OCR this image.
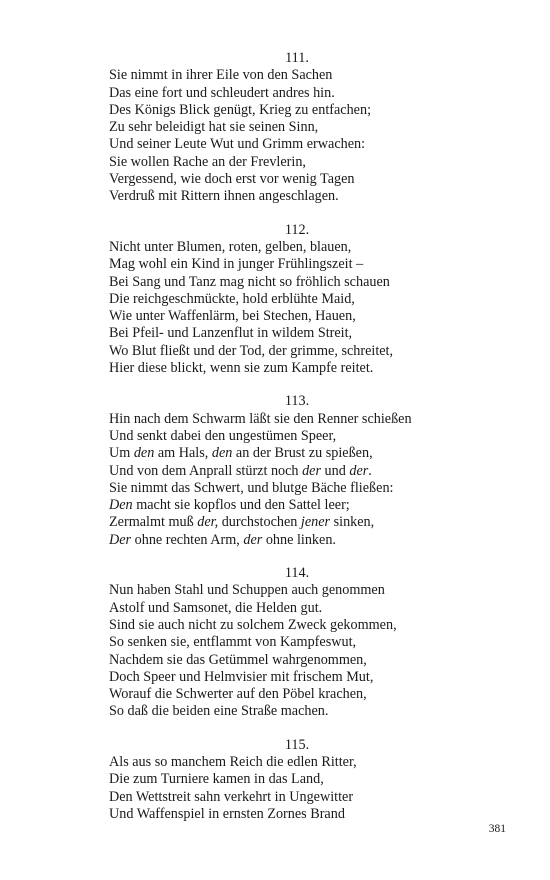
111.
Sie nimmt in ihrer Eile von den Sachen
Das eine fort und schleudert andres hin.
Des Königs Blick genügt, Krieg zu entfachen;
Zu sehr beleidigt hat sie seinen Sinn,
Und seiner Leute Wut und Grimm erwachen:
Sie wollen Rache an der Frevlerin,
Vergessend, wie doch erst vor wenig Tagen
Verdruß mit Rittern ihnen angeschlagen.
112.
Nicht unter Blumen, roten, gelben, blauen,
Mag wohl ein Kind in junger Frühlingszeit –
Bei Sang und Tanz mag nicht so fröhlich schauen
Die reichgeschmückte, hold erblühte Maid,
Wie unter Waffenlärm, bei Stechen, Hauen,
Bei Pfeil- und Lanzenflut in wildem Streit,
Wo Blut fließt und der Tod, der grimme, schreitet,
Hier diese blickt, wenn sie zum Kampfe reitet.
113.
Hin nach dem Schwarm läßt sie den Renner schießen
Und senkt dabei den ungestümen Speer,
Um den am Hals, den an der Brust zu spießen,
Und von dem Anprall stürzt noch der und der.
Sie nimmt das Schwert, und blutge Bäche fließen:
Den macht sie kopflos und den Sattel leer;
Zermalmt muß der, durchstochen jener sinken,
Der ohne rechten Arm, der ohne linken.
114.
Nun haben Stahl und Schuppen auch genommen
Astolf und Samsonet, die Helden gut.
Sind sie auch nicht zu solchem Zweck gekommen,
So senken sie, entflammt von Kampfeswut,
Nachdem sie das Getümmel wahrgenommen,
Doch Speer und Helmvisier mit frischem Mut,
Worauf die Schwerter auf den Pöbel krachen,
So daß die beiden eine Straße machen.
115.
Als aus so manchem Reich die edlen Ritter,
Die zum Turniere kamen in das Land,
Den Wettstreit sahn verkehrt in Ungewitter
Und Waffenspiel in ernsten Zornes Brand
381
